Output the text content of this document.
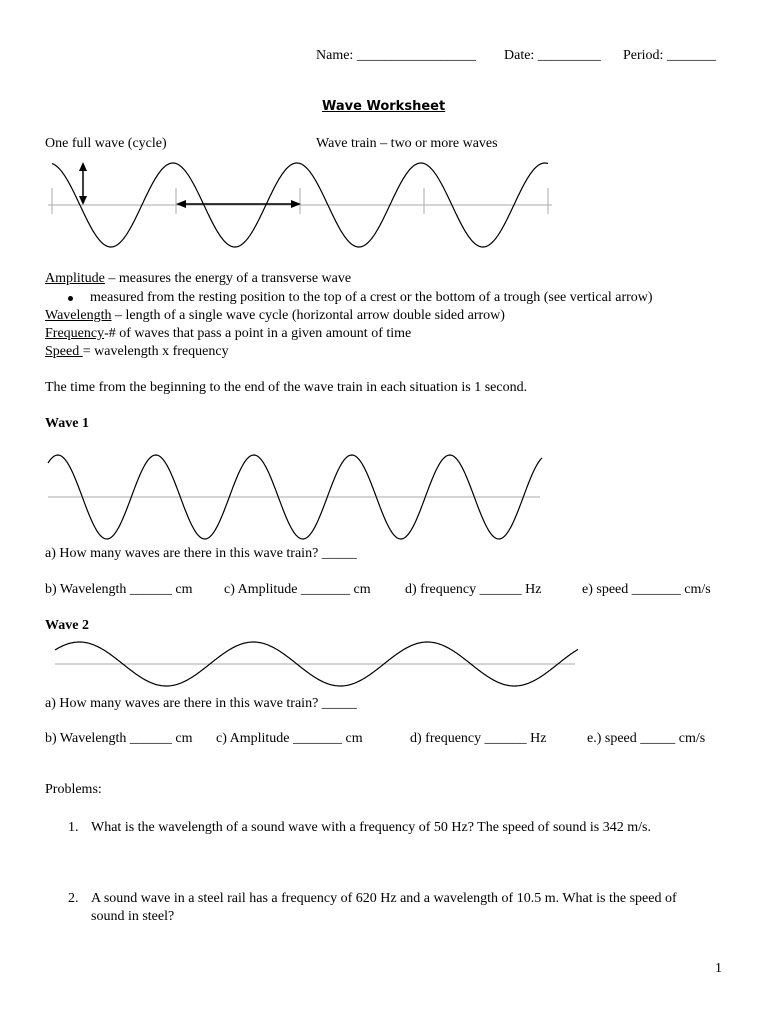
Name: _________________ Date: _________ Period: _______
Wave Worksheet
One full wave (cycle)	Wave train – two or more waves
Amplitude – measures the energy of a transverse wave
measured from the resting position to the top of a crest or the bottom of a trough (see vertical arrow)
Wavelength – length of a single wave cycle (horizontal arrow double sided arrow)
Frequency-# of waves that pass a point in a given amount of time
Speed = wavelength x frequency
The time from the beginning to the end of the wave train in each situation is 1 second.
Wave 1
a) How many waves are there in this wave train? _____
b) Wavelength ______ cm c) Amplitude _______ cm d) frequency ______ Hz	e) speed _______ cm/s
Wave 2
a) How many waves are there in this wave train? _____
b) Wavelength ______ cm c) Amplitude _______ cm	d) frequency ______ Hz	e.) speed _____ cm/s
Problems:
1. What is the wavelength of a sound wave with a frequency of 50 Hz? The speed of sound is 342 m/s.
2. A sound wave in a steel rail has a frequency of 620 Hz and a wavelength of 10.5 m. What is the speed of
sound in steel?
1
